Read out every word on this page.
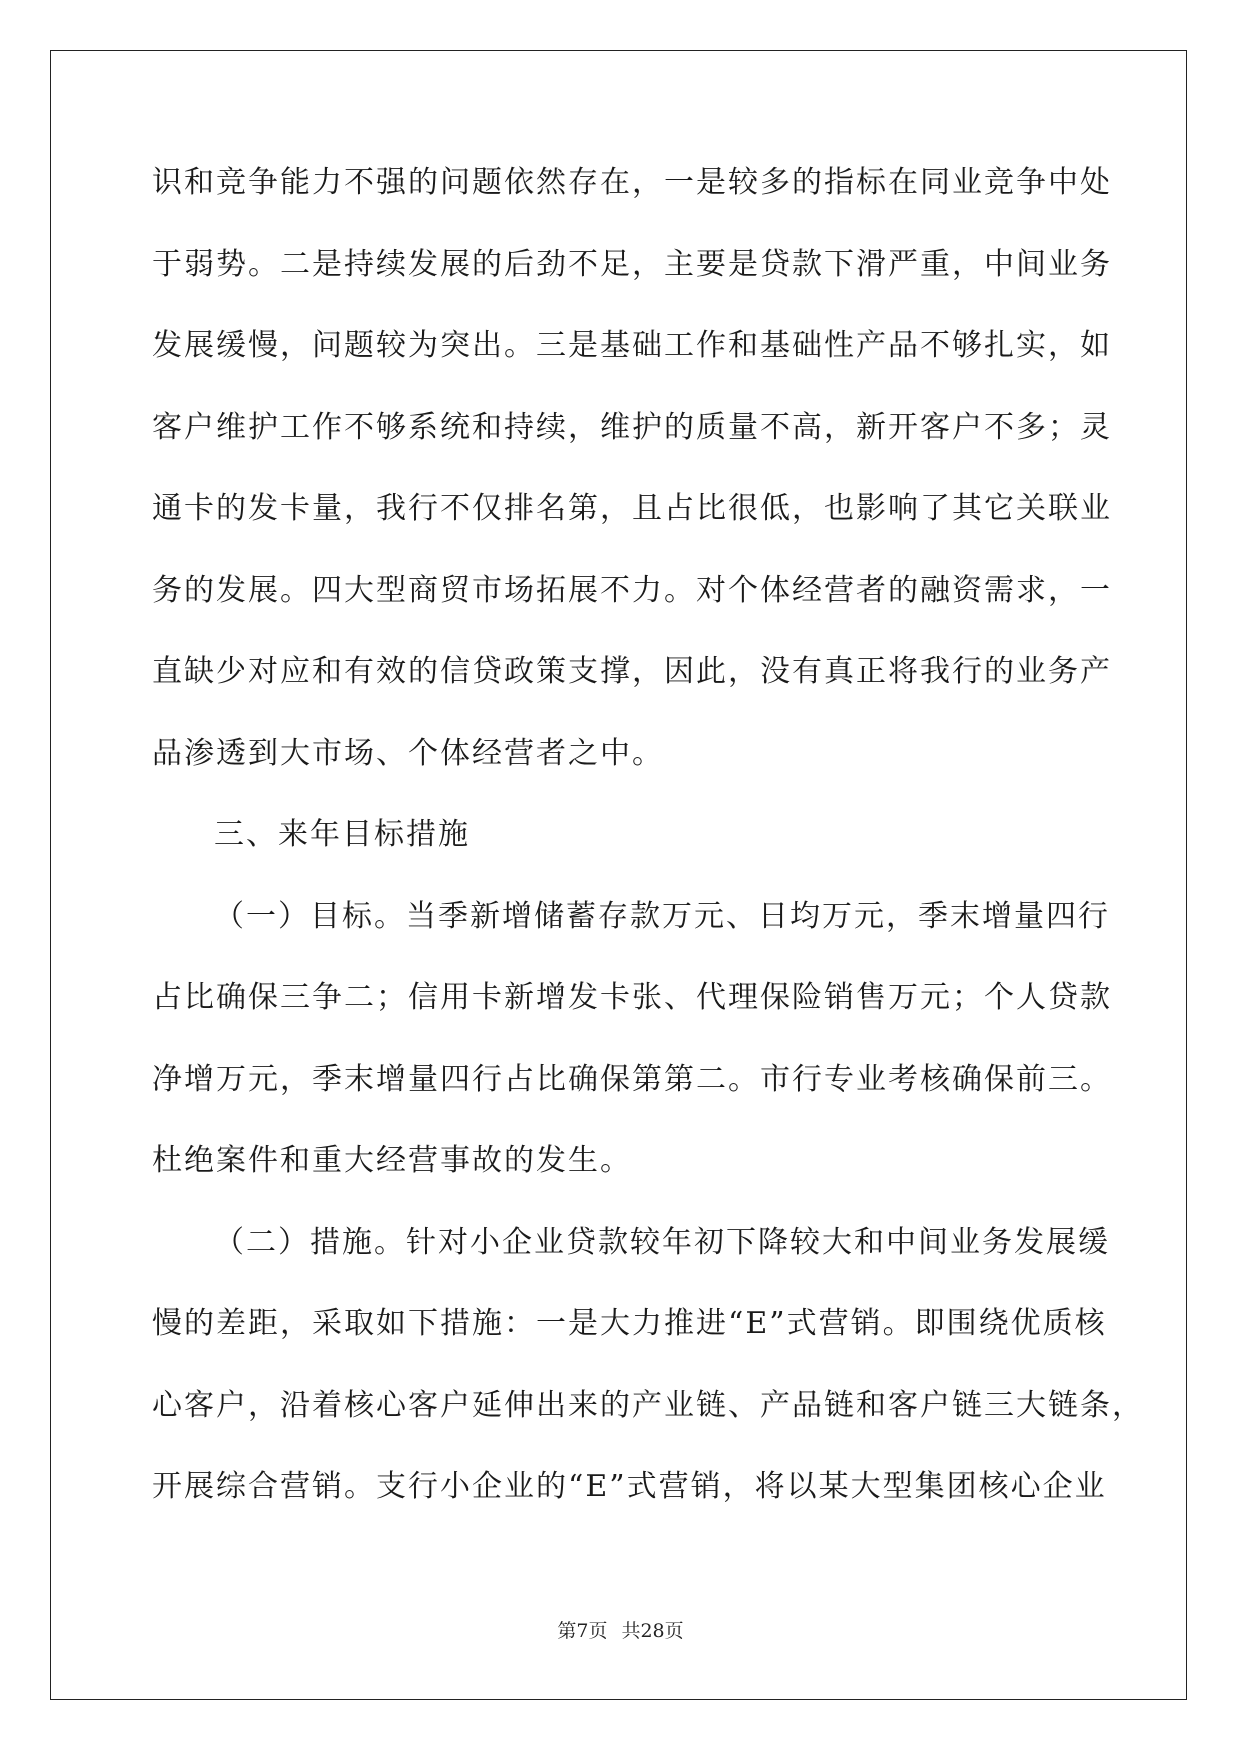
识和竞争能力不强的问题依然存在，一是较多的指标在同业竞争中处
于弱势。二是持续发展的后劲不足，主要是贷款下滑严重，中间业务
发展缓慢，问题较为突出。三是基础工作和基础性产品不够扎实，如
客户维护工作不够系统和持续，维护的质量不高，新开客户不多；灵
通卡的发卡量，我行不仅排名第，且占比很低，也影响了其它关联业
务的发展。四大型商贸市场拓展不力。对个体经营者的融资需求，一
直缺少对应和有效的信贷政策支撑，因此，没有真正将我行的业务产
品渗透到大市场、个体经营者之中。
三、来年目标措施
（一）目标。当季新增储蓄存款万元、日均万元，季末增量四行
占比确保三争二；信用卡新增发卡张、代理保险销售万元；个人贷款
净增万元，季末增量四行占比确保第第二。市行专业考核确保前三。
杜绝案件和重大经营事故的发生。
（二）措施。针对小企业贷款较年初下降较大和中间业务发展缓
慢的差距，采取如下措施：一是大力推进“E”式营销。即围绕优质核
心客户，沿着核心客户延伸出来的产业链、产品链和客户链三大链条，
开展综合营销。支行小企业的“E”式营销，将以某大型集团核心企业
第7页 共28页
